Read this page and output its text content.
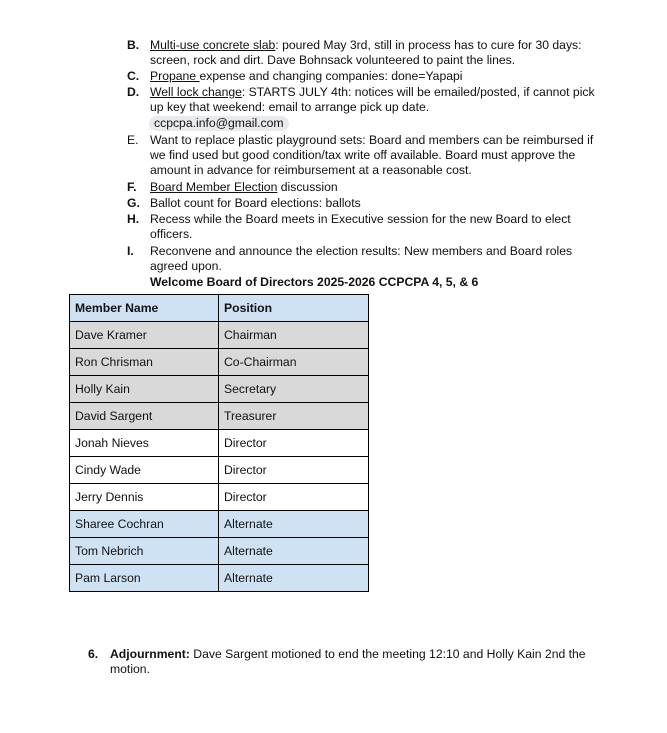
B. Multi-use concrete slab: poured May 3rd, still in process has to cure for 30 days: screen, rock and dirt. Dave Bohnsack volunteered to paint the lines.
C. Propane expense and changing companies: done=Yapapi
D. Well lock change: STARTS JULY 4th: notices will be emailed/posted, if cannot pick up key that weekend: email to arrange pick up date.
ccpcpa.info@gmail.com
E. Want to replace plastic playground sets: Board and members can be reimbursed if we find used but good condition/tax write off available. Board must approve the amount in advance for reimbursement at a reasonable cost.
F.	Board Member Election discussion
G. Ballot count for Board elections: ballots
H. Recess while the Board meets in Executive session for the new Board to elect officers.
I.	Reconvene and announce the election results: New members and Board roles agreed upon.
Welcome Board of Directors 2025-2026 CCPCPA 4, 5, & 6
Member Name	Position
Dave Kramer	Chairman
Ron Chrisman	Co-Chairman
Holly Kain	Secretary
David Sargent	Treasurer
Jonah Nieves	Director
Cindy Wade	Director
Jerry Dennis	Director
Sharee Cochran	Alternate
Tom Nebrich	Alternate
Pam Larson	Alternate
6. Adjournment: Dave Sargent motioned to end the meeting 12:10 and Holly Kain 2nd the motion.
